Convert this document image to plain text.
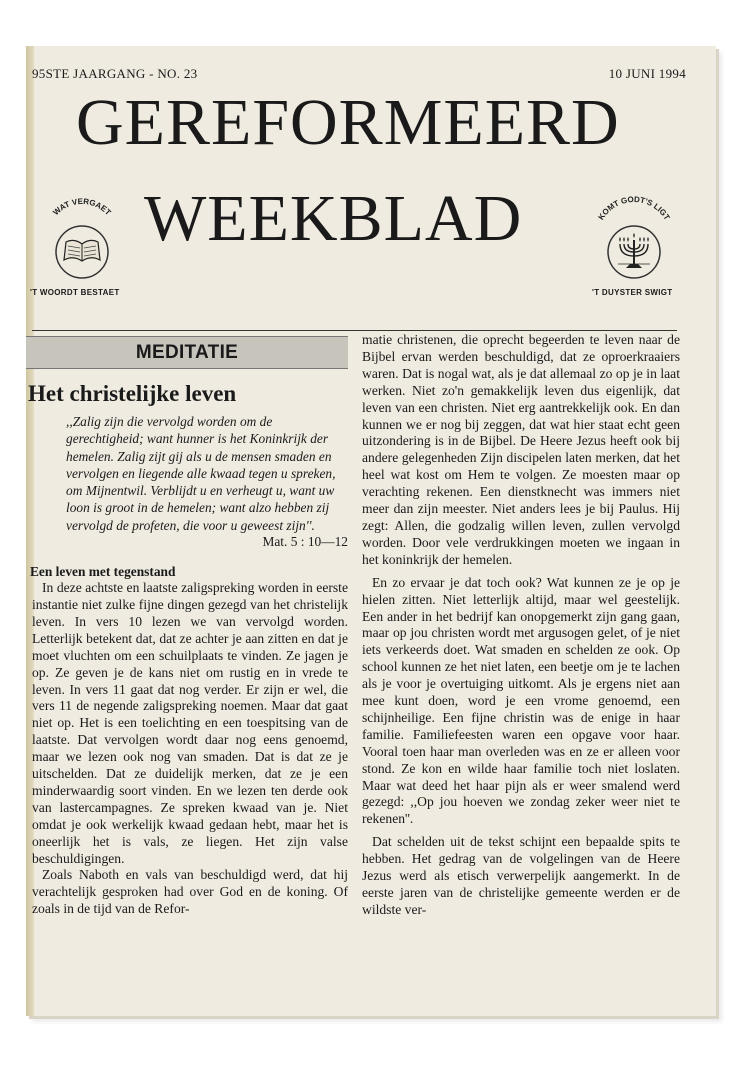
95STE JAARGANG - NO. 23	10 JUNI 1994
GEREFORMEERD
WEEKBLAD
WAT VERGAET
'T WOORDT BESTAET
KOMT GODT'S LIGT
'T DUYSTER SWIGT
MEDITATIE
Het christelijke leven
,,Zalig zijn die vervolgd worden om de gerechtigheid; want hunner is het Koninkrijk der hemelen. Zalig zijt gij als u de mensen smaden en vervolgen en liegende alle kwaad tegen u spreken, om Mijnentwil. Verblijdt u en verheugt u, want uw loon is groot in de hemelen; want alzo hebben zij vervolgd de profeten, die voor u geweest zijn''.
Mat. 5 : 10—12
Een leven met tegenstand

In deze achtste en laatste zaligspreking worden in eerste instantie niet zulke fijne dingen gezegd van het christelijk leven. In vers 10 lezen we van vervolgd worden. Letterlijk betekent dat, dat ze achter je aan zitten en dat je moet vluchten om een schuilplaats te vinden. Ze jagen je op. Ze geven je de kans niet om rustig en in vrede te leven. In vers 11 gaat dat nog verder. Er zijn er wel, die vers 11 de negende zaligspreking noemen. Maar dat gaat niet op. Het is een toelichting en een toespitsing van de laatste. Dat vervolgen wordt daar nog eens genoemd, maar we lezen ook nog van smaden. Dat is dat ze je uitschelden. Dat ze duidelijk merken, dat ze je een minderwaardig soort vinden. En we lezen ten derde ook van lastercampagnes. Ze spreken kwaad van je. Niet omdat je ook werkelijk kwaad gedaan hebt, maar het is oneerlijk het is vals, ze liegen. Het zijn valse beschuldigingen.

Zoals Naboth en vals van beschuldigd werd, dat hij verachtelijk gesproken had over God en de koning. Of zoals in de tijd van de Refor-

matie christenen, die oprecht begeerden te leven naar de Bijbel ervan werden beschuldigd, dat ze oproerkraaiers waren. Dat is nogal wat, als je dat allemaal zo op je in laat werken. Niet zo'n gemakkelijk leven dus eigenlijk, dat leven van een christen. Niet erg aantrekkelijk ook. En dan kunnen we er nog bij zeggen, dat wat hier staat echt geen uitzondering is in de Bijbel. De Heere Jezus heeft ook bij andere gelegenheden Zijn discipelen laten merken, dat het heel wat kost om Hem te volgen. Ze moesten maar op verachting rekenen. Een dienstknecht was immers niet meer dan zijn meester. Niet anders lees je bij Paulus. Hij zegt: Allen, die godzalig willen leven, zullen vervolgd worden. Door vele verdrukkingen moeten we ingaan in het koninkrijk der hemelen.

En zo ervaar je dat toch ook? Wat kunnen ze je op je hielen zitten. Niet letterlijk altijd, maar wel geestelijk. Een ander in het bedrijf kan onopgemerkt zijn gang gaan, maar op jou christen wordt met argusogen gelet, of je niet iets verkeerds doet. Wat smaden en schelden ze ook. Op school kunnen ze het niet laten, een beetje om je te lachen als je voor je overtuiging uitkomt. Als je ergens niet aan mee kunt doen, word je een vrome genoemd, een schijnheilige. Een fijne christin was de enige in haar familie. Familiefeesten waren een opgave voor haar. Vooral toen haar man overleden was en ze er alleen voor stond. Ze kon en wilde haar familie toch niet loslaten. Maar wat deed het haar pijn als er weer smalend werd gezegd: ,,Op jou hoeven we zondag zeker weer niet te rekenen''.

Dat schelden uit de tekst schijnt een bepaalde spits te hebben. Het gedrag van de volgelingen van de Heere Jezus werd als etisch verwerpelijk aangemerkt. In de eerste jaren van de christelijke gemeente werden er de wildste ver-
